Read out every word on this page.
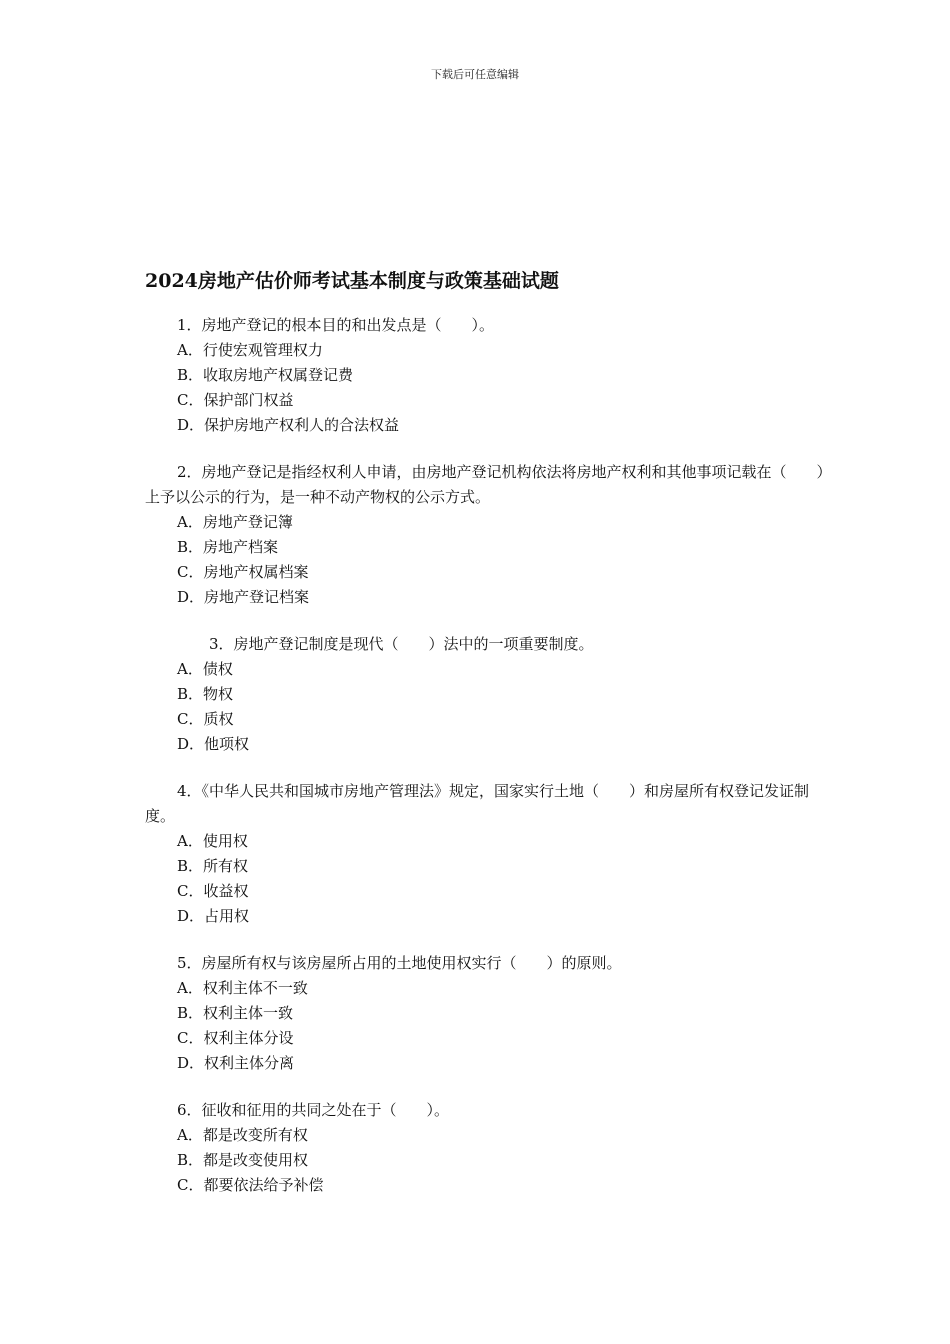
下载后可任意编辑
2024房地产估价师考试基本制度与政策基础试题

1．房地产登记的根本目的和出发点是（　　）。

A．行使宏观管理权力

B．收取房地产权属登记费

C．保护部门权益

D．保护房地产权利人的合法权益

2．房地产登记是指经权利人申请，由房地产登记机构依法将房地产权利和其他事项记载在（　　）上予以公示的行为，是一种不动产物权的公示方式。

A．房地产登记簿

B．房地产档案

C．房地产权属档案

D．房地产登记档案

3．房地产登记制度是现代（　　）法中的一项重要制度。

A．债权

B．物权

C．质权

D．他项权

4．《中华人民共和国城市房地产管理法》规定，国家实行土地（　　）和房屋所有权登记发证制度。

A．使用权

B．所有权

C．收益权

D．占用权

5．房屋所有权与该房屋所占用的土地使用权实行（　　）的原则。

A．权利主体不一致

B．权利主体一致

C．权利主体分设

D．权利主体分离

6．征收和征用的共同之处在于（　　）。

A．都是改变所有权

B．都是改变使用权

C．都要依法给予补偿
